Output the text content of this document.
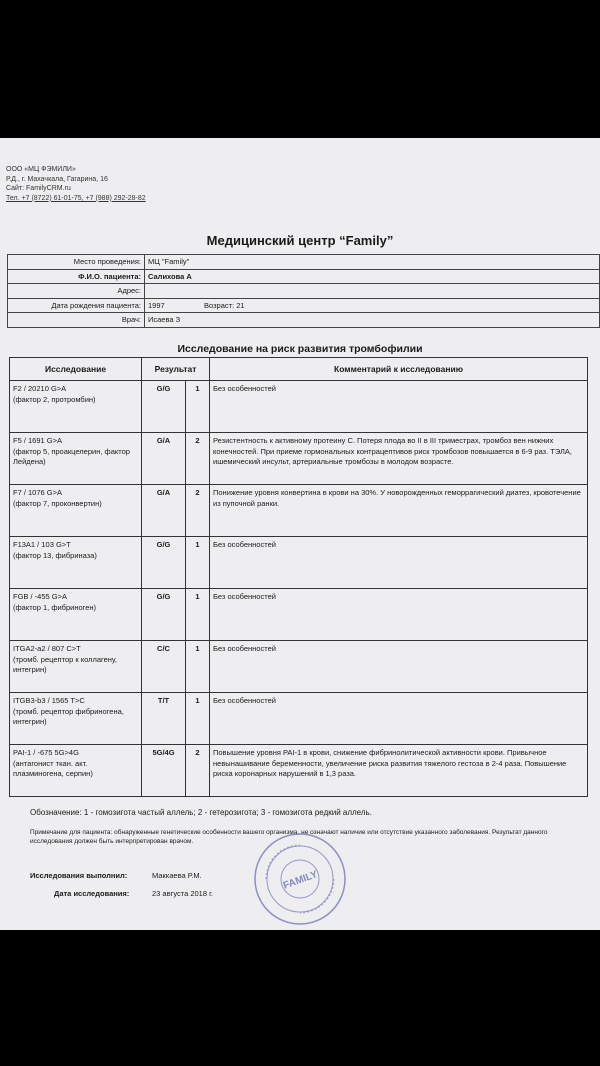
ООО «МЦ ФЭМИЛИ»
Р.Д., г. Махачкала, Гагарина, 16
Сайт: FamilyCRM.ru
Тел. +7 (8722) 61-01-75, +7 (988) 292-28-82
Медицинский центр “Family”
Место проведения:	МЦ "Family"
Ф.И.О. пациента:	Салихова А
Адрес:	
Дата рождения пациента:	1997 Возраст: 21
Врач:	Исаева З
Исследование на риск развития тромбофилии
Исследование	Результат		Комментарий к исследованию

F2 / 20210 G>A
(фактор 2, протромбин)	G/G	1	Без особенностей

F5 / 1691 G>A
(фактор 5, проакцелерин, фактор Лейдена)	G/A	2	Резистентность к активному протеину С. Потеря плода во II в III триместрах, тромбоз вен нижних конечностей. При приеме гормональных контрацептивов риск тромбозов повышается в 6-9 раз. ТЭЛА, ишемический инсульт, артериальные тромбозы в молодом возрасте.

F7 / 1076 G>A
(фактор 7, проконвертин)	G/A	2	Понижение уровня конвертина в крови на 30%. У новорожденных геморрагический диатез, кровотечение из пупочной ранки.

F13A1 / 103 G>T
(фактор 13, фибриназа)	G/G	1	Без особенностей

FGB / -455 G>A
(фактор 1, фибриноген)	G/G	1	Без особенностей

ITGA2-a2 / 807 C>T
(тромб. рецептор к коллагену, интегрин)	C/C	1	Без особенностей

ITGB3-b3 / 1565 T>C
(тромб. рецептор фибриногена, интегрин)	T/T	1	Без особенностей

PAI-1 / -675 5G>4G
(антагонист ткан. акт. плазминогена, серпин)	5G/4G	2	Повышение уровня PAI-1 в крови, снижение фибринолитической активности крови. Привычное невынашивание беременности, увеличение риска развития тяжелого гестоза в 2-4 раза. Повышение риска коронарных нарушений в 1,3 раза.
Обозначение: 1 - гомозигота частый аллель; 2 - гетерозигота; 3 - гомозигота редкий аллель.
Примечание для пациента: обнаруженные генетические особенности вашего организма, не означают наличие или отсутствие указанного заболевания. Результат данного исследования должен быть интерпретирован врачом.
Исследования выполнил:	Маккаева Р.М.
Дата исследования:	23 августа 2018 г.
FAMILY
